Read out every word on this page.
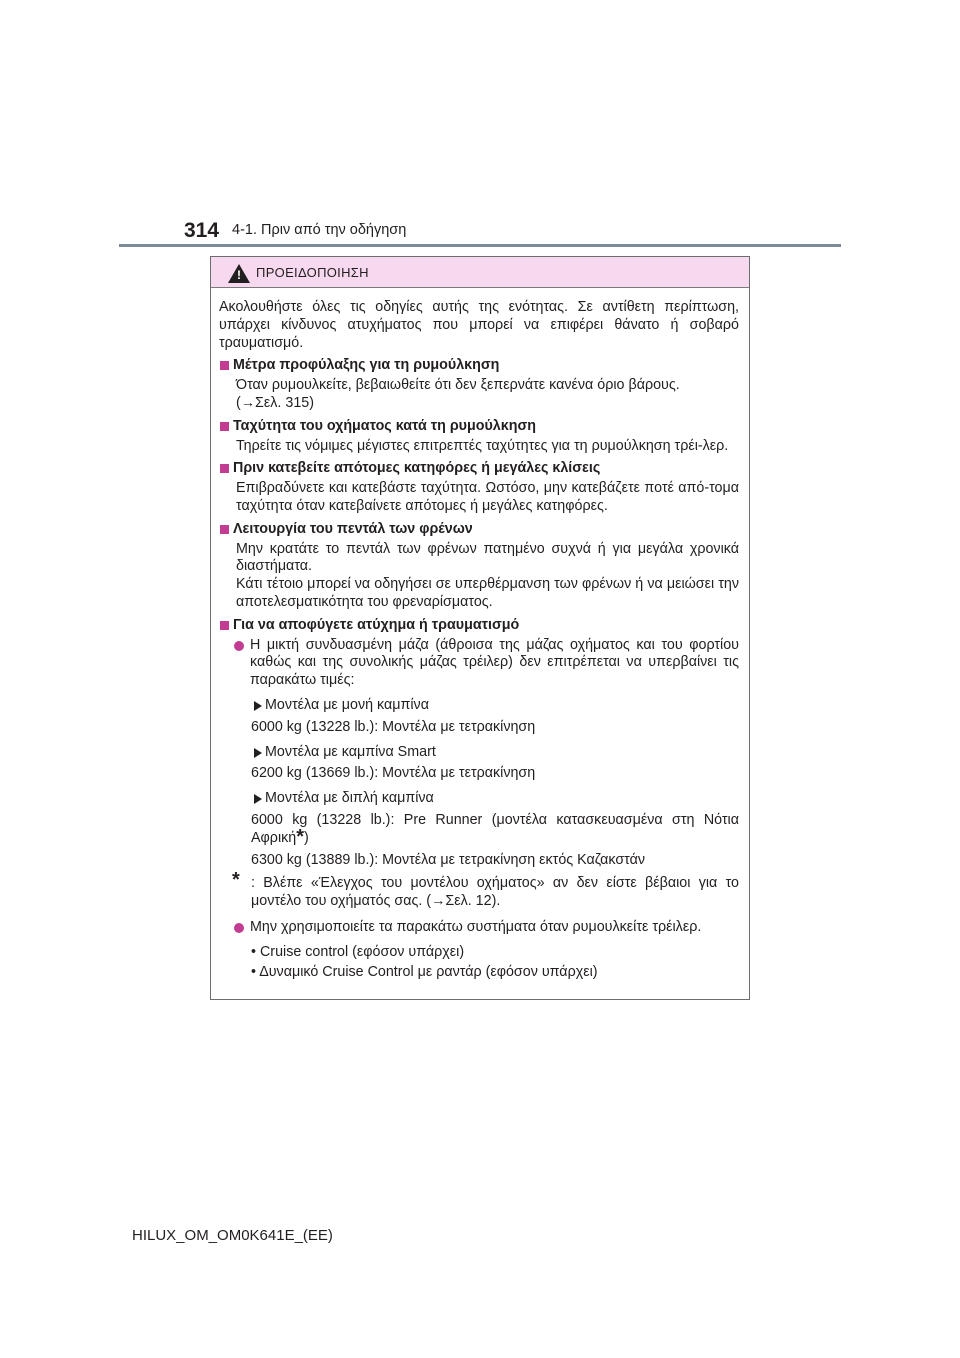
314 4-1. Πριν από την οδήγηση
! ΠΡΟΕΙΔΟΠΟΙΗΣΗ
Ακολουθήστε όλες τις οδηγίες αυτής της ενότητας. Σε αντίθετη περίπτωση, υπάρχει κίνδυνος ατυχήματος που μπορεί να επιφέρει θάνατο ή σοβαρό τραυματισμό.
Μέτρα προφύλαξης για τη ρυμούλκηση
Όταν ρυμουλκείτε, βεβαιωθείτε ότι δεν ξεπερνάτε κανένα όριο βάρους.
(→Σελ. 315)
Ταχύτητα του οχήματος κατά τη ρυμούλκηση
Τηρείτε τις νόμιμες μέγιστες επιτρεπτές ταχύτητες για τη ρυμούλκηση τρέι-λερ.
Πριν κατεβείτε απότομες κατηφόρες ή μεγάλες κλίσεις
Επιβραδύνετε και κατεβάστε ταχύτητα. Ωστόσο, μην κατεβάζετε ποτέ από-τομα ταχύτητα όταν κατεβαίνετε απότομες ή μεγάλες κατηφόρες.
Λειτουργία του πεντάλ των φρένων
Μην κρατάτε το πεντάλ των φρένων πατημένο συχνά ή για μεγάλα χρονικά διαστήματα.
Κάτι τέτοιο μπορεί να οδηγήσει σε υπερθέρμανση των φρένων ή να μειώσει την αποτελεσματικότητα του φρεναρίσματος.
Για να αποφύγετε ατύχημα ή τραυματισμό
Η μικτή συνδυασμένη μάζα (άθροισα της μάζας οχήματος και του φορτίου καθώς και της συνολικής μάζας τρέιλερ) δεν επιτρέπεται να υπερβαίνει τις παρακάτω τιμές:
Μοντέλα με μονή καμπίνα
6000 kg (13228 lb.): Μοντέλα με τετρακίνηση
Μοντέλα με καμπίνα Smart
6200 kg (13669 lb.): Μοντέλα με τετρακίνηση
Μοντέλα με διπλή καμπίνα
6000 kg (13228 lb.): Pre Runner (μοντέλα κατασκευασμένα στη Νότια Αφρική*)
6300 kg (13889 lb.): Μοντέλα με τετρακίνηση εκτός Καζακστάν
* : Βλέπε «Έλεγχος του μοντέλου οχήματος» αν δεν είστε βέβαιοι για το μοντέλο του οχήματός σας. (→Σελ. 12).
Μην χρησιμοποιείτε τα παρακάτω συστήματα όταν ρυμουλκείτε τρέιλερ.
• Cruise control (εφόσον υπάρχει)
• Δυναμικό Cruise Control με ραντάρ (εφόσον υπάρχει)
HILUX_OM_OM0K641E_(EE)
